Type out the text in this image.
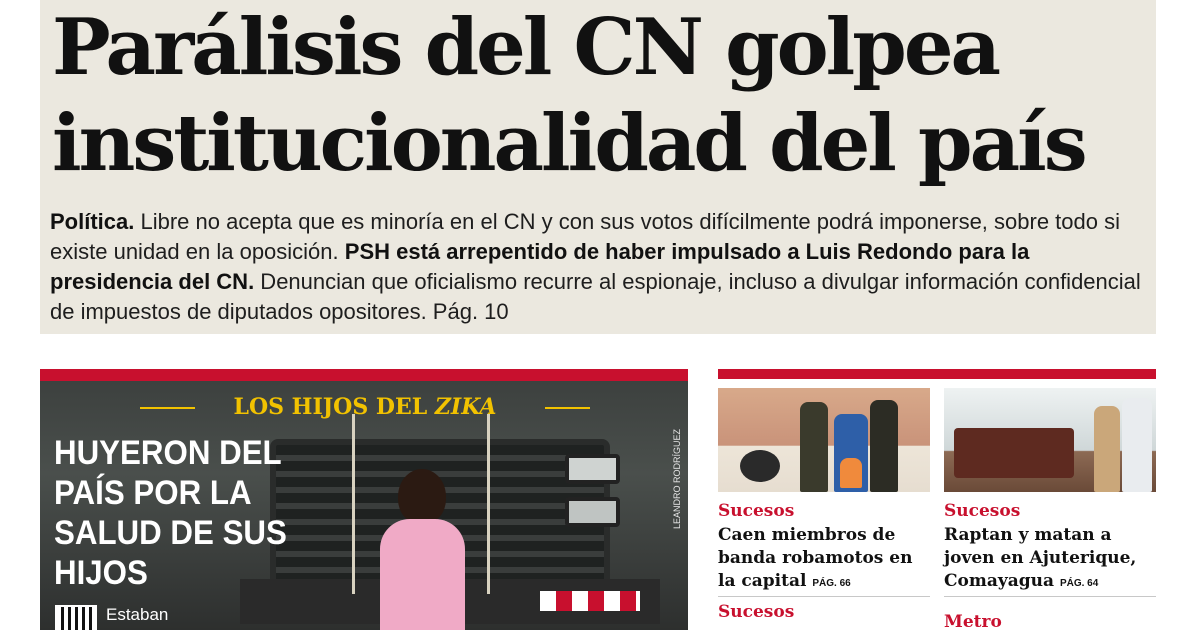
Parálisis del CN golpea
institucionalidad del país

Política. Libre no acepta que es minoría en el CN y con sus votos difícilmente podrá imponerse, sobre todo si existe unidad en la oposición. PSH está arrepentido de haber impulsado a Luis Redondo para la presidencia del CN. Denuncian que oficialismo recurre al espionaje, incluso a divulgar información confidencial de impuestos de diputados opositores. Pág. 10

LOS HIJOS DEL ZIKA
HUYERON DEL PAÍS POR LA SALUD DE SUS HIJOS
Estaban
LEANDRO RODRÍGUEZ Sucesos
Caen miembros de banda robamotos en la capital PÁG. 66
Sucesos
Raptan y matan a joven en Ajuterique, Comayagua PÁG. 64
Sucesos	Metro
